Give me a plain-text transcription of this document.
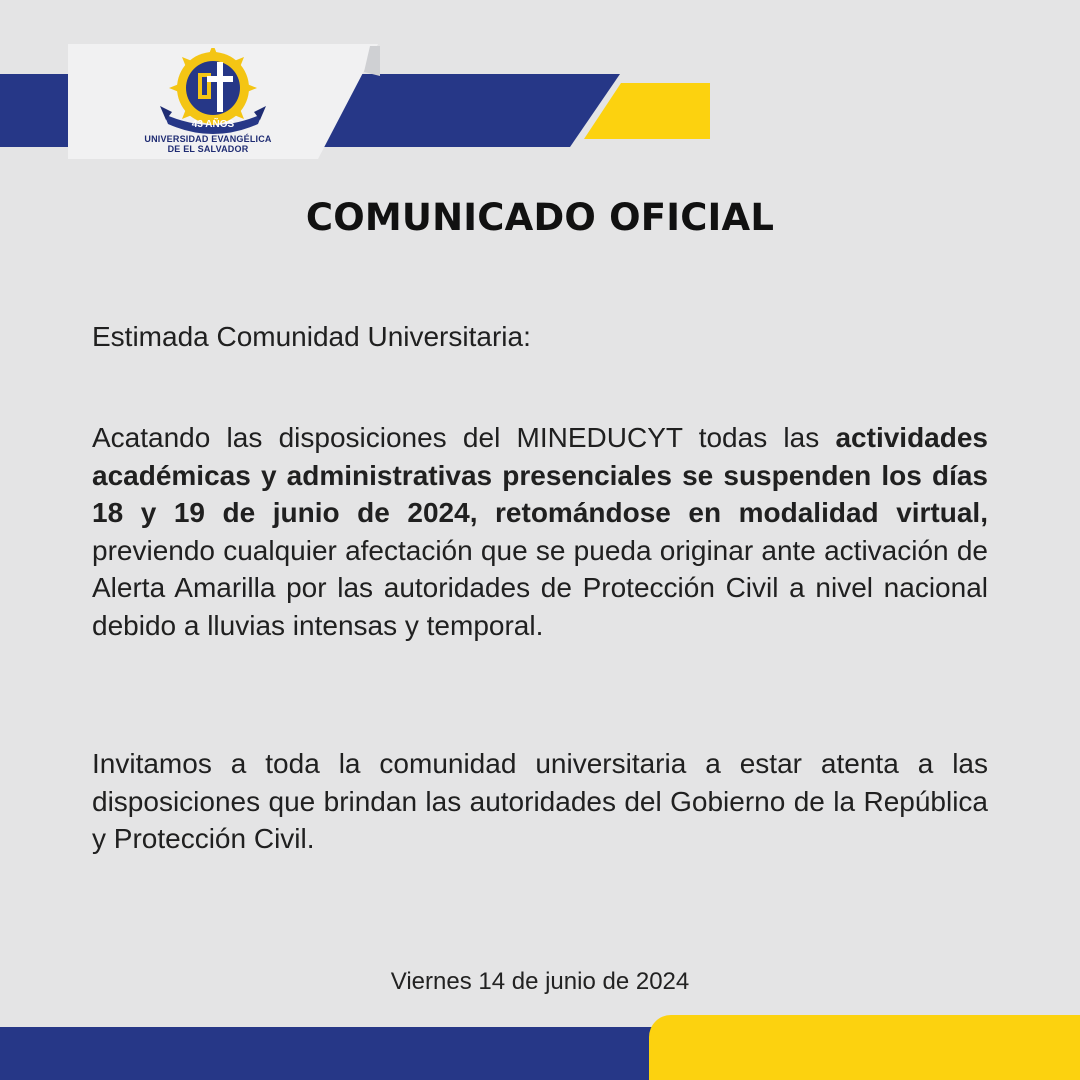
43 AÑOS
UNIVERSIDAD EVANGÉLICA
DE EL SALVADOR
COMUNICADO OFICIAL
Estimada Comunidad Universitaria:
Acatando las disposiciones del MINEDUCYT todas las actividades académicas y administrativas presenciales se suspenden los días 18 y 19 de junio de 2024, retomándose en modalidad virtual, previendo cualquier afectación que se pueda originar ante activación de Alerta Amarilla por las autoridades de Protección Civil a nivel nacional debido a lluvias intensas y temporal.
Invitamos a toda la comunidad universitaria a estar atenta a las disposiciones que brindan las autoridades del Gobierno de la República y Protección Civil.
Viernes 14 de junio de 2024
